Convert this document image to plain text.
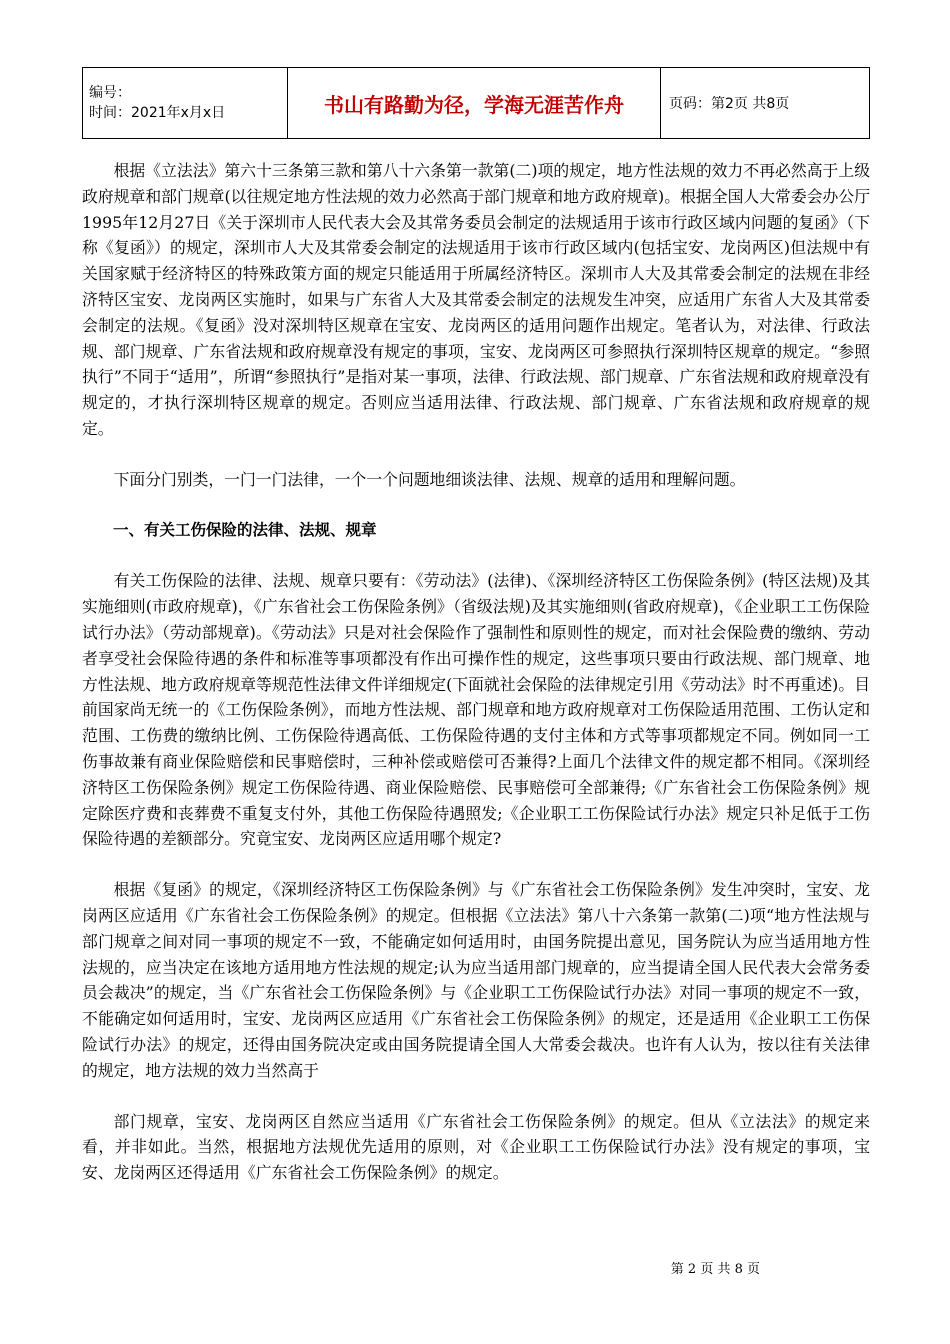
编号：
时间：2021年x月x日	书山有路勤为径，学海无涯苦作舟	页码：第2页 共8页

根据《立法法》第六十三条第三款和第八十六条第一款第(二)项的规定，地方性法规的效力不再必然高于上级政府规章和部门规章(以往规定地方性法规的效力必然高于部门规章和地方政府规章)。根据全国人大常委会办公厅1995年12月27日《关于深圳市人民代表大会及其常务委员会制定的法规适用于该市行政区域内问题的复函》（下称《复函》）的规定，深圳市人大及其常委会制定的法规适用于该市行政区域内(包括宝安、龙岗两区)但法规中有关国家赋于经济特区的特殊政策方面的规定只能适用于所属经济特区。深圳市人大及其常委会制定的法规在非经济特区宝安、龙岗两区实施时，如果与广东省人大及其常委会制定的法规发生冲突，应适用广东省人大及其常委会制定的法规。《复函》没对深圳特区规章在宝安、龙岗两区的适用问题作出规定。笔者认为，对法律、行政法规、部门规章、广东省法规和政府规章没有规定的事项，宝安、龙岗两区可参照执行深圳特区规章的规定。“参照执行”不同于“适用”，所谓“参照执行”是指对某一事项，法律、行政法规、部门规章、广东省法规和政府规章没有规定的，才执行深圳特区规章的规定。否则应当适用法律、行政法规、部门规章、广东省法规和政府规章的规定。

下面分门别类，一门一门法律，一个一个问题地细谈法律、法规、规章的适用和理解问题。

一、有关工伤保险的法律、法规、规章

有关工伤保险的法律、法规、规章只要有：《劳动法》(法律)、《深圳经济特区工伤保险条例》(特区法规)及其实施细则(市政府规章)，《广东省社会工伤保险条例》（省级法规)及其实施细则(省政府规章)，《企业职工工伤保险试行办法》（劳动部规章)。《劳动法》只是对社会保险作了强制性和原则性的规定，而对社会保险费的缴纳、劳动者享受社会保险待遇的条件和标准等事项都没有作出可操作性的规定，这些事项只要由行政法规、部门规章、地方性法规、地方政府规章等规范性法律文件详细规定(下面就社会保险的法律规定引用《劳动法》时不再重述)。目前国家尚无统一的《工伤保险条例》，而地方性法规、部门规章和地方政府规章对工伤保险适用范围、工伤认定和范围、工伤费的缴纳比例、工伤保险待遇高低、工伤保险待遇的支付主体和方式等事项都规定不同。例如同一工伤事故兼有商业保险赔偿和民事赔偿时，三种补偿或赔偿可否兼得?上面几个法律文件的规定都不相同。《深圳经济特区工伤保险条例》规定工伤保险待遇、商业保险赔偿、民事赔偿可全部兼得;《广东省社会工伤保险条例》规定除医疗费和丧葬费不重复支付外，其他工伤保险待遇照发;《企业职工工伤保险试行办法》规定只补足低于工伤保险待遇的差额部分。究竟宝安、龙岗两区应适用哪个规定?

根据《复函》的规定，《深圳经济特区工伤保险条例》与《广东省社会工伤保险条例》发生冲突时，宝安、龙岗两区应适用《广东省社会工伤保险条例》的规定。但根据《立法法》第八十六条第一款第(二)项“地方性法规与部门规章之间对同一事项的规定不一致，不能确定如何适用时，由国务院提出意见，国务院认为应当适用地方性法规的，应当决定在该地方适用地方性法规的规定;认为应当适用部门规章的，应当提请全国人民代表大会常务委员会裁决”的规定，当《广东省社会工伤保险条例》与《企业职工工伤保险试行办法》对同一事项的规定不一致，不能确定如何适用时，宝安、龙岗两区应适用《广东省社会工伤保险条例》的规定，还是适用《企业职工工伤保险试行办法》的规定，还得由国务院决定或由国务院提请全国人大常委会裁决。也许有人认为，按以往有关法律的规定，地方法规的效力当然高于

部门规章，宝安、龙岗两区自然应当适用《广东省社会工伤保险条例》的规定。但从《立法法》的规定来看，并非如此。当然，根据地方法规优先适用的原则，对《企业职工工伤保险试行办法》没有规定的事项，宝安、龙岗两区还得适用《广东省社会工伤保险条例》的规定。

第 2 页 共 8 页
